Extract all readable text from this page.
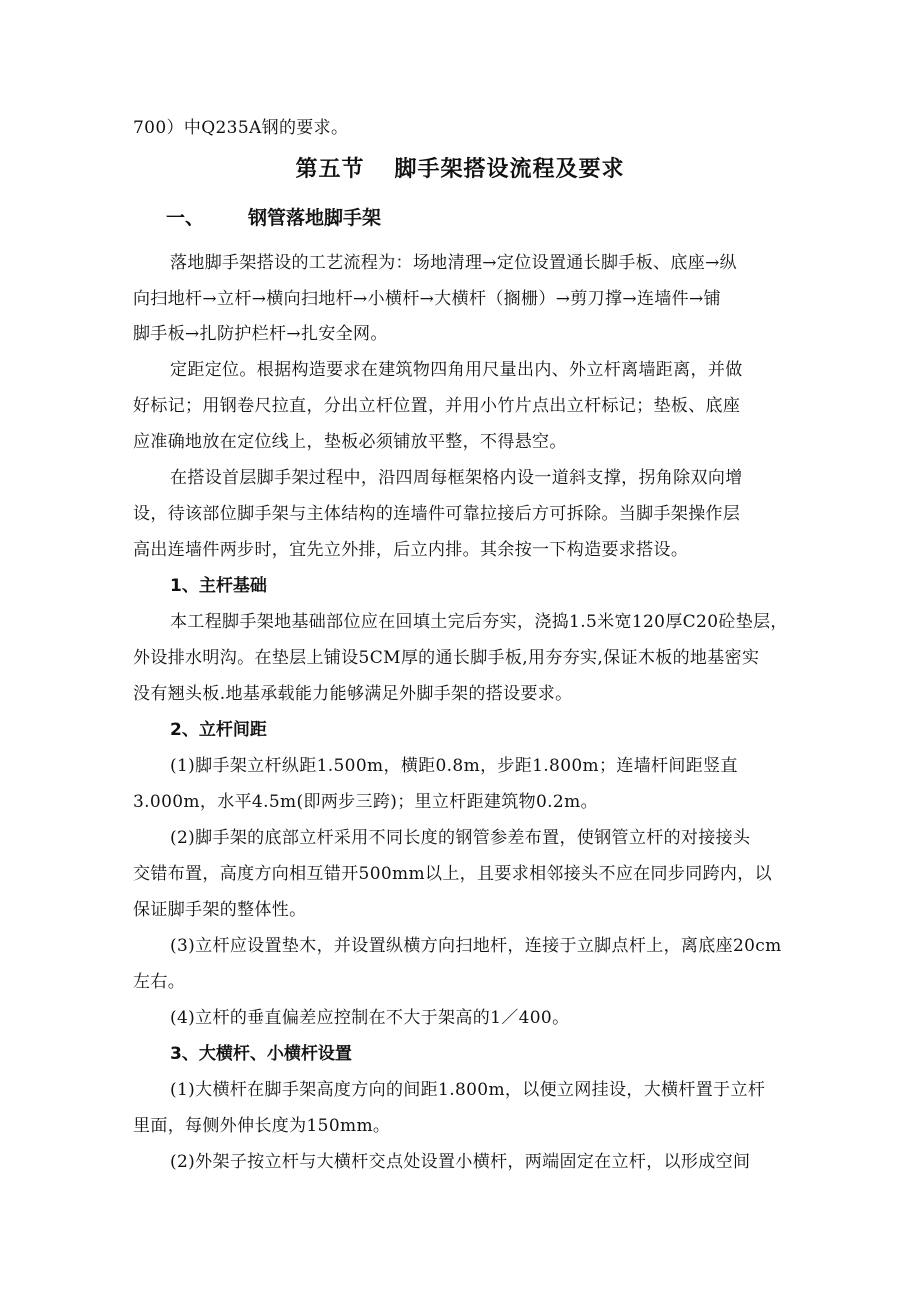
700）中Q235A钢的要求。
第五节 脚手架搭设流程及要求
一、 钢管落地脚手架
落地脚手架搭设的工艺流程为：场地清理→定位设置通长脚手板、底座→纵
向扫地杆→立杆→横向扫地杆→小横杆→大横杆（搁栅）→剪刀撑→连墙件→铺
脚手板→扎防护栏杆→扎安全网。
定距定位。根据构造要求在建筑物四角用尺量出内、外立杆离墙距离，并做
好标记；用钢卷尺拉直，分出立杆位置，并用小竹片点出立杆标记；垫板、底座
应准确地放在定位线上，垫板必须铺放平整，不得悬空。
在搭设首层脚手架过程中，沿四周每框架格内设一道斜支撑，拐角除双向增
设，待该部位脚手架与主体结构的连墙件可靠拉接后方可拆除。当脚手架操作层
高出连墙件两步时，宜先立外排，后立内排。其余按一下构造要求搭设。
1、主杆基础
本工程脚手架地基础部位应在回填土完后夯实，浇捣1.5米宽120厚C20砼垫层，
外设排水明沟。在垫层上铺设5CM厚的通长脚手板,用夯夯实,保证木板的地基密实
没有翘头板.地基承载能力能够满足外脚手架的搭设要求。
2、立杆间距
(1)脚手架立杆纵距1.500m，横距0.8m，步距1.800m；连墙杆间距竖直
3.000m，水平4.5m(即两步三跨)；里立杆距建筑物0.2m。
(2)脚手架的底部立杆采用不同长度的钢管参差布置，使钢管立杆的对接接头
交错布置，高度方向相互错开500mm以上，且要求相邻接头不应在同步同跨内，以
保证脚手架的整体性。
(3)立杆应设置垫木，并设置纵横方向扫地杆，连接于立脚点杆上，离底座20cm
左右。
(4)立杆的垂直偏差应控制在不大于架高的1／400。
3、大横杆、小横杆设置
(1)大横杆在脚手架高度方向的间距1.800m，以便立网挂设，大横杆置于立杆
里面，每侧外伸长度为150mm。
(2)外架子按立杆与大横杆交点处设置小横杆，两端固定在立杆，以形成空间
